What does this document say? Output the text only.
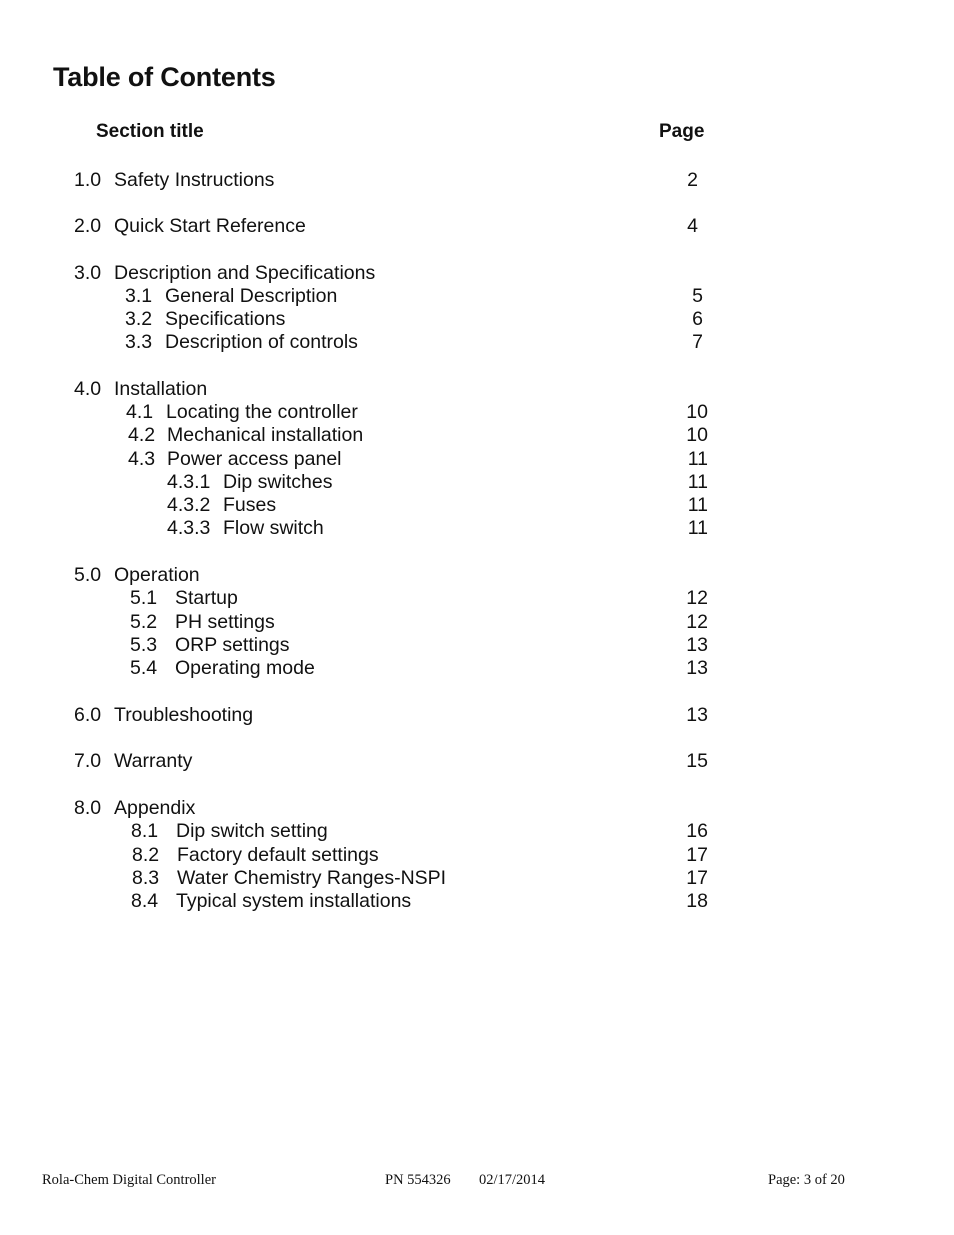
Table of Contents
Section title	Page
1.0 Safety Instructions	2
2.0 Quick Start Reference	4
3.0 Description and Specifications
3.1 General Description	5
3.2 Specifications	6
3.3 Description of controls	7
4.0 Installation
4.1 Locating the controller	10
4.2 Mechanical installation	10
4.3 Power access panel	11
4.3.1 Dip switches	11
4.3.2 Fuses	11
4.3.3 Flow switch	11
5.0 Operation
5.1 Startup	12
5.2 PH settings	12
5.3 ORP settings	13
5.4 Operating mode	13
6.0 Troubleshooting	13
7.0 Warranty	15
8.0 Appendix
8.1 Dip switch setting	16
8.2 Factory default settings	17
8.3 Water Chemistry Ranges-NSPI	17
8.4 Typical system installations	18
Rola-Chem Digital Controller	PN 554326 02/17/2014	Page: 3 of 20
